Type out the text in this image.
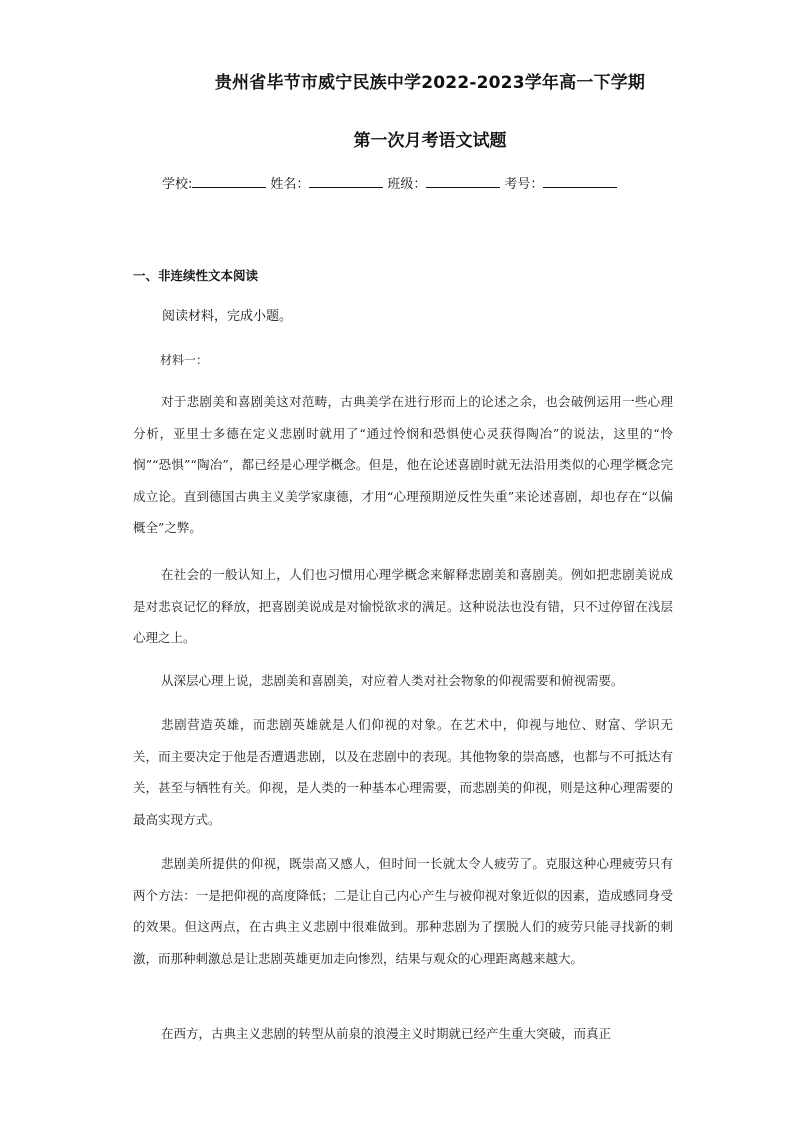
贵州省毕节市威宁民族中学2022-2023学年高一下学期
第一次月考语文试题
学校:	姓名：	班级：	考号：
一、非连续性文本阅读
阅读材料，完成小题。
材料一：

对于悲剧美和喜剧美这对范畴，古典美学在进行形而上的论述之余，也会破例运用一些心理分析，亚里士多德在定义悲剧时就用了“通过怜悯和恐惧使心灵获得陶冶”的说法，这里的“怜悯”“恐惧”“陶冶”，都已经是心理学概念。但是，他在论述喜剧时就无法沿用类似的心理学概念完成立论。直到德国古典主义美学家康德，才用“心理预期逆反性失重”来论述喜剧，却也存在“以偏概全”之弊。

在社会的一般认知上，人们也习惯用心理学概念来解释悲剧美和喜剧美。例如把悲剧美说成是对悲哀记忆的释放，把喜剧美说成是对愉悦欲求的满足。这种说法也没有错，只不过停留在浅层心理之上。

从深层心理上说，悲剧美和喜剧美，对应着人类对社会物象的仰视需要和俯视需要。

悲剧营造英雄，而悲剧英雄就是人们仰视的对象。在艺术中，仰视与地位、财富、学识无关，而主要决定于他是否遭遇悲剧，以及在悲剧中的表现。其他物象的崇高感，也都与不可抵达有关，甚至与牺牲有关。仰视，是人类的一种基本心理需要，而悲剧美的仰视，则是这种心理需要的最高实现方式。

悲剧美所提供的仰视，既崇高又感人，但时间一长就太令人疲劳了。克服这种心理疲劳只有两个方法：一是把仰视的高度降低；二是让自己内心产生与被仰视对象近似的因素，造成感同身受的效果。但这两点，在古典主义悲剧中很难做到。那种悲剧为了摆脱人们的疲劳只能寻找新的刺激，而那种刺激总是让悲剧英雄更加走向惨烈，结果与观众的心理距离越来越大。

在西方，古典主义悲剧的转型从前泉的浪漫主义时期就已经产生重大突破，而真正
